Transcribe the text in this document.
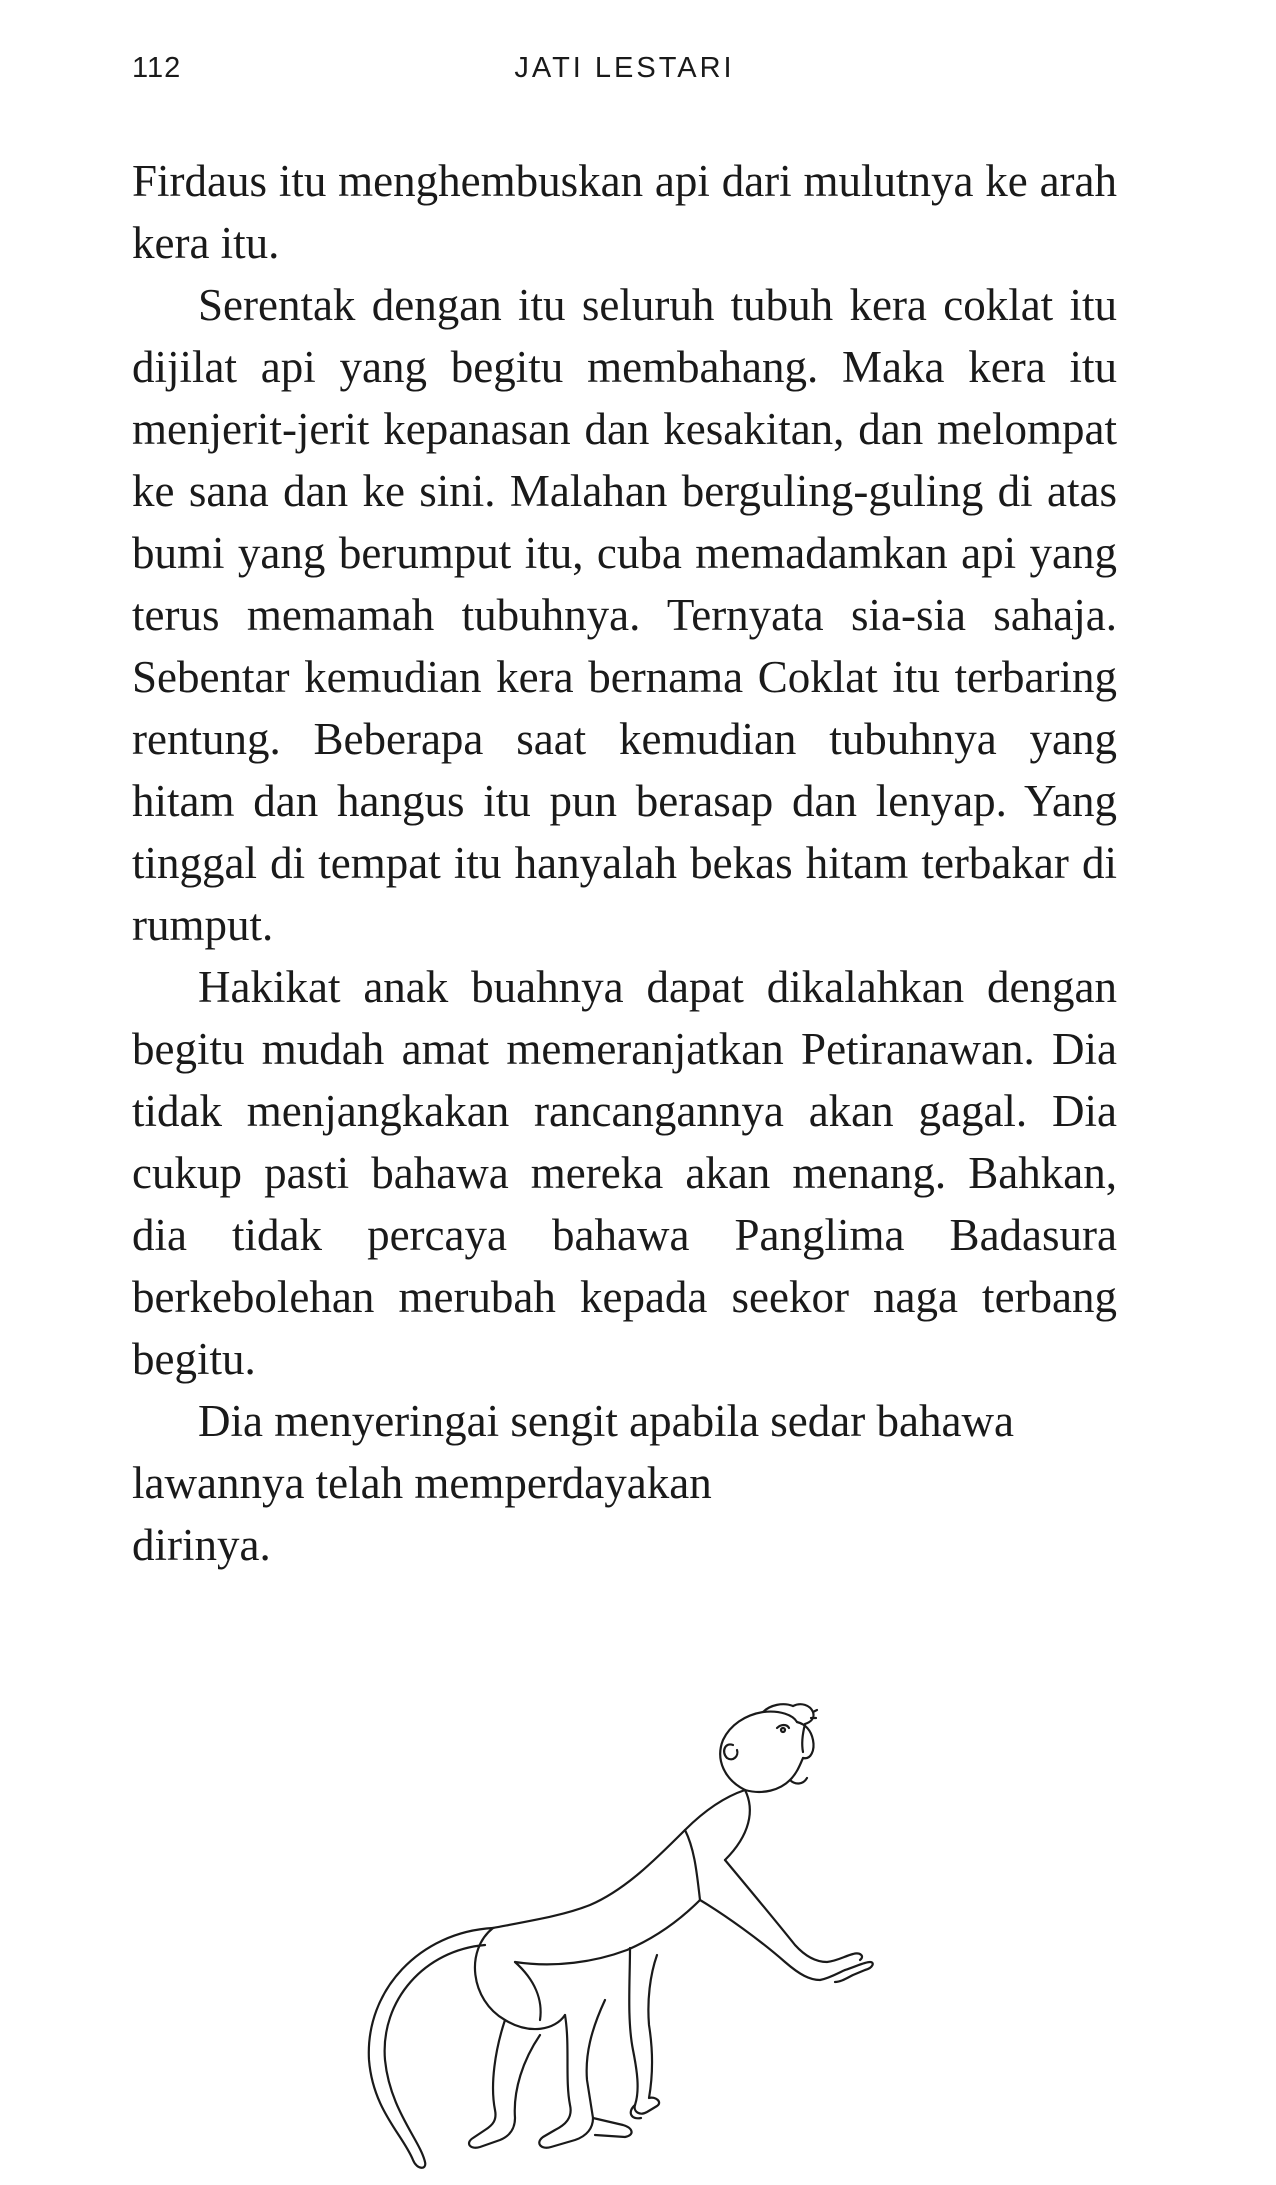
112	JATI LESTARI

Firdaus itu menghembuskan api dari mulutnya ke arah kera itu.

Serentak dengan itu seluruh tubuh kera coklat itu dijilat api yang begitu membahang. Maka kera itu menjerit-jerit kepanasan dan kesakitan, dan melompat ke sana dan ke sini. Malahan berguling-guling di atas bumi yang berumput itu, cuba memadamkan api yang terus memamah tubuhnya. Ternyata sia-sia sahaja. Sebentar kemudian kera bernama Coklat itu terbaring rentung. Beberapa saat kemudian tubuhnya yang hitam dan hangus itu pun berasap dan lenyap. Yang tinggal di tempat itu hanyalah bekas hitam terbakar di rumput.

Hakikat anak buahnya dapat dikalahkan dengan begitu mudah amat memeranjatkan Petiranawan. Dia tidak menjangkakan rancangannya akan gagal. Dia cukup pasti bahawa mereka akan menang. Bahkan, dia tidak percaya bahawa Panglima Badasura berkebolehan merubah kepada seekor naga terbang begitu.

Dia menyeringai sengit apabila sedar bahawa lawannya telah memperdayakan

dirinya.
